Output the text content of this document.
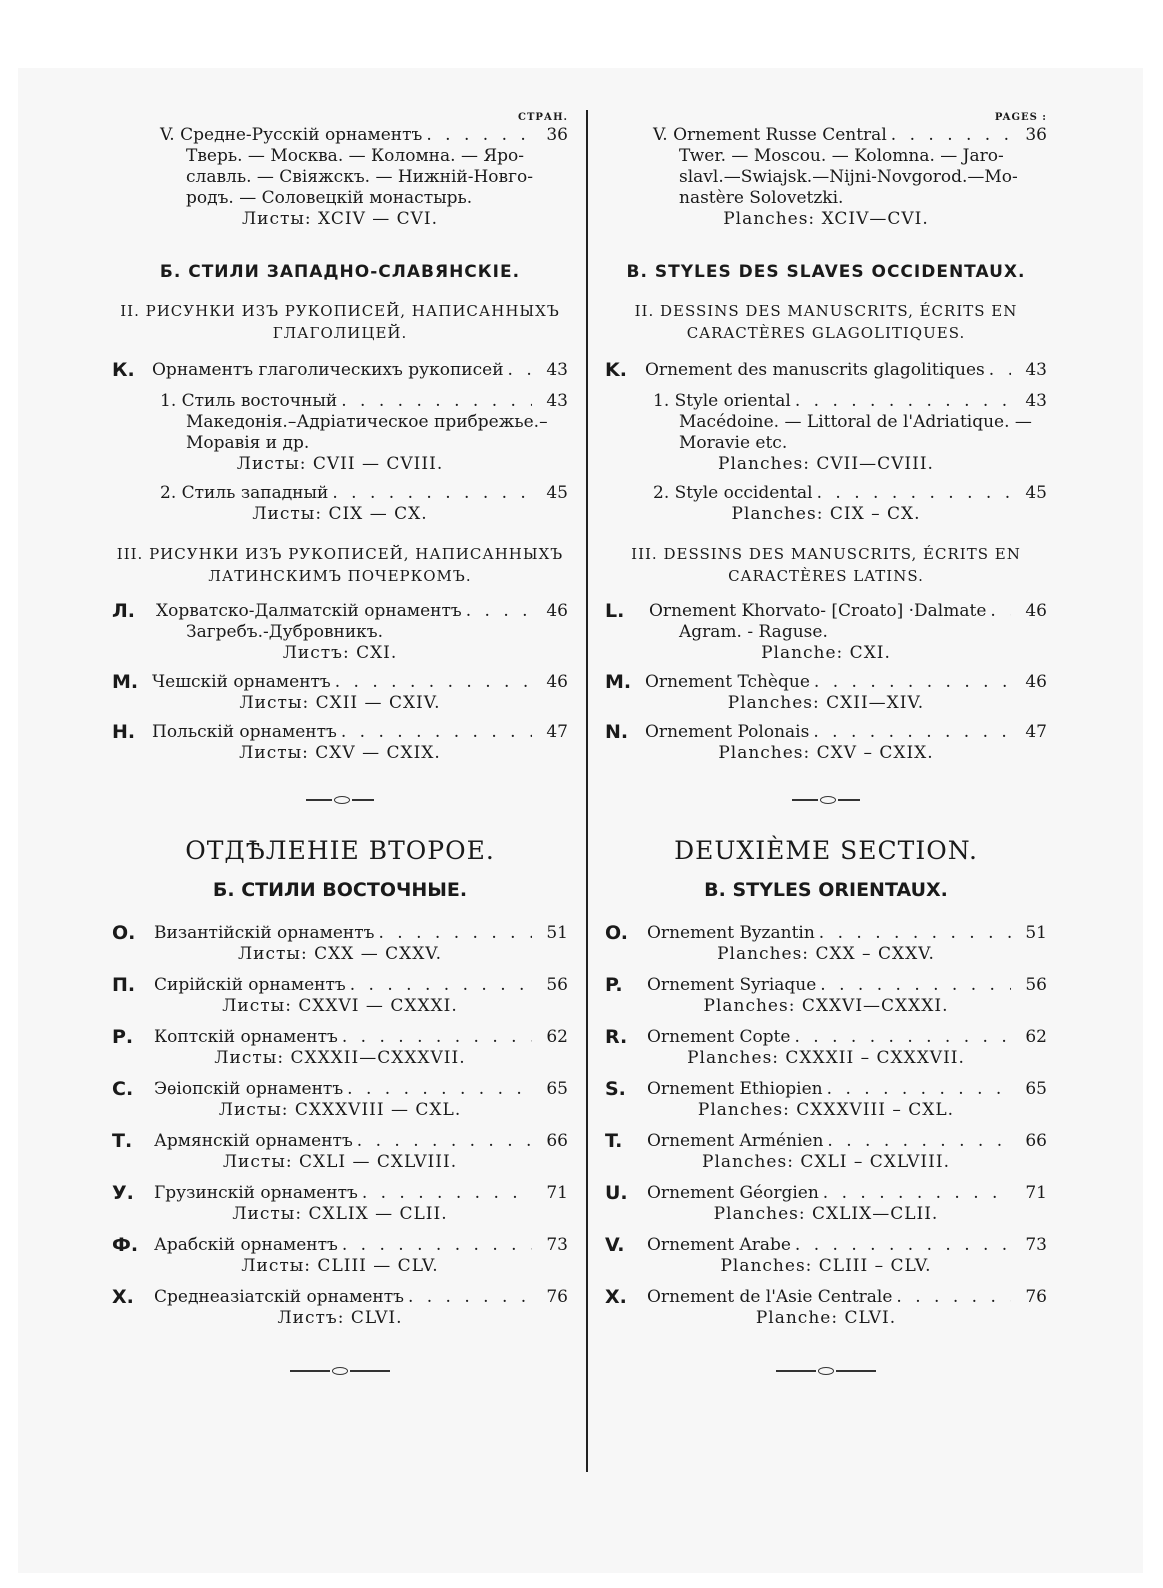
СТРАН.
V. Средне-Русскій орнаментъ . . .	36
Тверь. — Москва. — Коломна. — Яро-
славль. — Свіяжскъ. — Нижній-Новго-
родъ. — Соловецкій монастырь.
Листы: XCIV — CVI.
Б. СТИЛИ ЗАПАДНО-СЛАВЯНСКІЕ.
II. РИСУНКИ ИЗЪ РУКОПИСЕЙ, НАПИСАННЫХЪ
ГЛАГОЛИЦЕЙ.
К. Орнаментъ глаголическихъ рукописей . . .	43
1. Стиль восточный . . .	43
Македонія.–Адріатическое прибрежье.–
Моравія и др.
Листы: CVII — CVIII.
2. Стиль западный . . .	45
Листы: CIX — CX.
III. РИСУНКИ ИЗЪ РУКОПИСЕЙ, НАПИСАННЫХЪ
ЛАТИНСКИМЪ ПОЧЕРКОМЪ.
Л. Хорватско-Далматскій орнаментъ . . .	46
Загребъ.-Дубровникъ.
Листъ: CXI.
М. Чешскій орнаментъ . . .	46
Листы: CXII — CXIV.
Н. Польскій орнаментъ . . .	47
Листы: CXV — CXIX.
ОТДѢЛЕНІЕ ВТОРОЕ.
Б. СТИЛИ ВОСТОЧНЫЕ.
О. Византійскій орнаментъ . . .	51
Листы: CXX — CXXV.
П. Сирійскій орнаментъ . . .	56
Листы: CXXVI — CXXXI.
Р. Коптскій орнаментъ . . .	62
Листы: CXXXII—CXXXVII.
С. Эѳіопскій орнаментъ . . .	65
Листы: CXXXVIII — CXL.
Т. Армянскій орнаментъ . . .	66
Листы: CXLI — CXLVIII.
У. Грузинскій орнаментъ . . .	71
Листы: CXLIX — CLII.
Ф. Арабскій орнаментъ . . .	73
Листы: CLIII — CLV.
Х. Среднеазіатскій орнаментъ . . .	76
Листъ: CLVI.
PAGES :
V. Ornement Russe Central . . .	36
Twer. — Moscou. — Kolomna. — Jaro-
slavl.—Swiajsk.—Nijni-Novgorod.—Mo-
nastère Solovetzki.
Planches: XCIV—CVI.
B. STYLES DES SLAVES OCCIDENTAUX.
II. DESSINS DES MANUSCRITS, ÉCRITS EN
CARACTÈRES GLAGOLITIQUES.
K. Ornement des manuscrits glagolitiques . . .	43
1. Style oriental . . .	43
Macédoine. — Littoral de l'Adriatique. —
Moravie etc.
Planches: CVII—CVIII.
2. Style occidental . . .	45
Planches: CIX – CX.
III. DESSINS DES MANUSCRITS, ÉCRITS EN
CARACTÈRES LATINS.
L. Ornement Khorvato- [Croato] ·Dalmate . . .	46
Agram. - Raguse.
Planche: CXI.
M. Ornement Tchèque . . .	46
Planches: CXII—XIV.
N. Ornement Polonais . . .	47
Planches: CXV – CXIX.
DEUXIÈME SECTION.
B. STYLES ORIENTAUX.
O. Ornement Byzantin . . .	51
Planches: CXX – CXXV.
P. Ornement Syriaque . . .	56
Planches: CXXVI—CXXXI.
R. Ornement Copte . . .	62
Planches: CXXXII – CXXXVII.
S. Ornement Ethiopien . . .	65
Planches: CXXXVIII – CXL.
T. Ornement Arménien . . .	66
Planches: CXLI – CXLVIII.
U. Ornement Géorgien . . .	71
Planches: CXLIX—CLII.
V. Ornement Arabe . . .	73
Planches: CLIII – CLV.
X. Ornement de l'Asie Centrale . . .	76
Planche: CLVI.
